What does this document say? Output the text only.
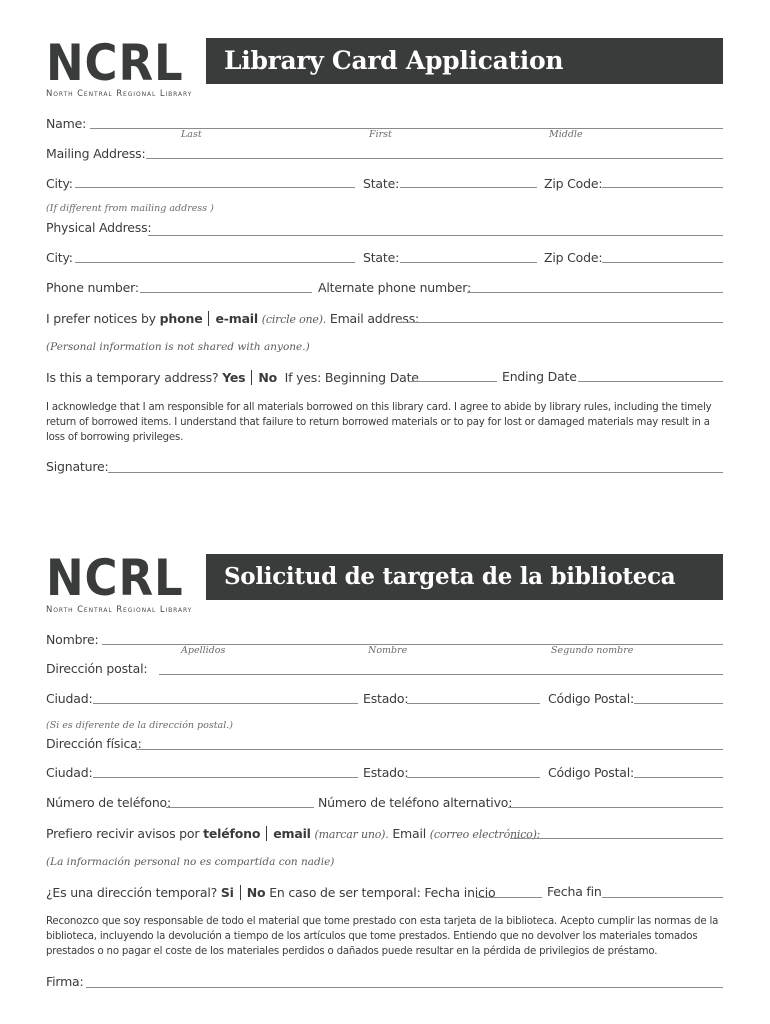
NCRL
North Central Regional Library
Library Card Application
Name:
Last	First	Middle
Mailing Address:
City:	State:	Zip Code:
(If different from mailing address )
Physical Address:
City:	State:	Zip Code:
Phone number:	Alternate phone number:
I prefer notices by phone e-mail (circle one). Email address:
(Personal information is not shared with anyone.)
Is this a temporary address? Yes No If yes: Beginning Date	Ending Date
I acknowledge that I am responsible for all materials borrowed on this library card. I agree to abide by library rules, including the timely return of borrowed items. I understand that failure to return borrowed materials or to pay for lost or damaged materials may result in a loss of borrowing privileges.
Signature:
NCRL
North Central Regional Library
Solicitud de targeta de la biblioteca
Nombre:
Apellidos	Nombre	Segundo nombre
Dirección postal:
Ciudad:	Estado:	Código Postal:
(Si es diferente de la dirección postal.)
Dirección física:
Ciudad:	Estado:	Código Postal:
Número de teléfono:	Número de teléfono alternativo:
Prefiero recivir avisos por teléfono email (marcar uno). Email (correo electrónico):
(La información personal no es compartida con nadie)
¿Es una dirección temporal? Si No En caso de ser temporal: Fecha inicio	Fecha fin
Reconozco que soy responsable de todo el material que tome prestado con esta tarjeta de la biblioteca. Acepto cumplir las normas de la biblioteca, incluyendo la devolución a tiempo de los artículos que tome prestados. Entiendo que no devolver los materiales tomados prestados o no pagar el coste de los materiales perdidos o dañados puede resultar en la pérdida de privilegios de préstamo.
Firma:
